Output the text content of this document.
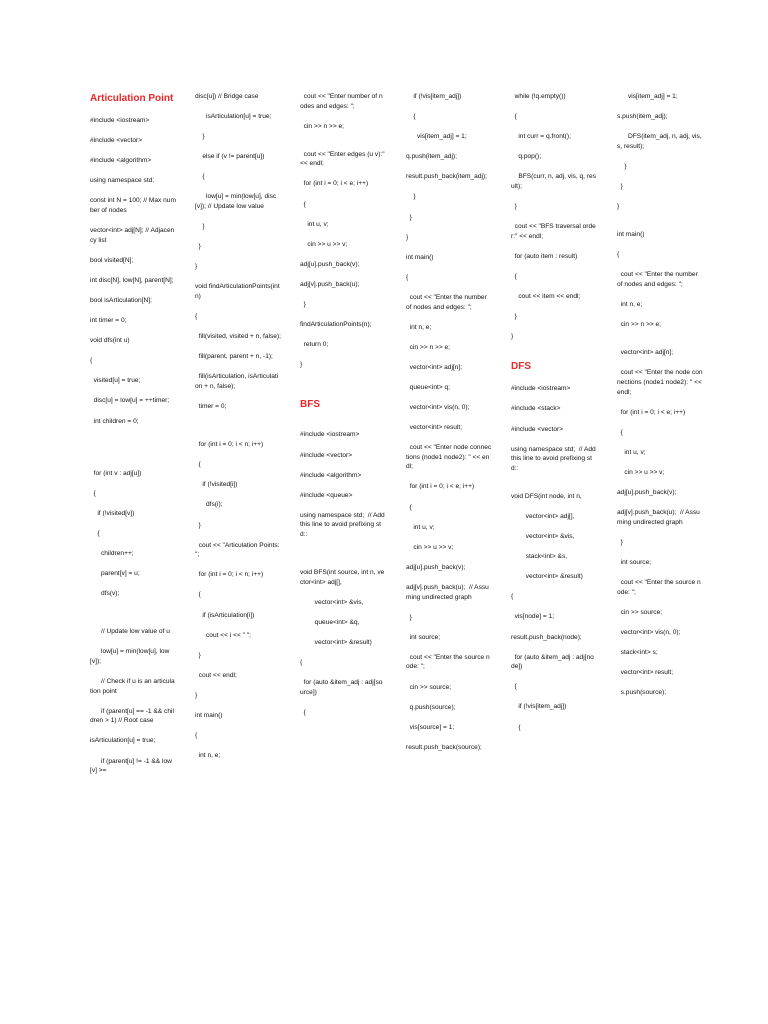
Articulation Point
#include <iostream>
#include <vector>
#include <algorithm>
using namespace std;
const int N = 100; // Max number of nodes
vector<int> adj[N]; // Adjacency list
bool visited[N];
int disc[N], low[N], parent[N];
bool isArticulation[N];
int timer = 0;
void dfs(int u)
{
visited[u] = true;
disc[u] = low[u] = ++timer;
int children = 0;
for (int v : adj[u])
{
if (!visited[v])
{
children++;
parent[v] = u;
dfs(v);
// Update low value of u
low[u] = min(low[u], low[v]);
// Check if u is an articulation point
if (parent[u] == -1 && children > 1) // Root case
isArticulation[u] = true;
if (parent[u] != -1 && low[v] >=
disc[u]) // Bridge case
isArticulation[u] = true;
}
else if (v != parent[u])
{
low[u] = min(low[u], disc[v]); // Update low value
}
}
}
void findArticulationPoints(int n)
{
fill(visited, visited + n, false);
fill(parent, parent + n, -1);
fill(isArticulation, isArticulation + n, false);
timer = 0;
for (int i = 0; i < n; i++)
{
if (!visited[i])
dfs(i);
}
cout << "Articulation Points: ";
for (int i = 0; i < n; i++)
{
if (isArticulation[i])
cout << i << " ";
}
cout << endl;
}
int main()
{
int n, e;
cout << "Enter number of nodes and edges: ";
cin >> n >> e;
cout << "Enter edges (u v):" << endl;
for (int i = 0; i < e; i++)
{
int u, v;
cin >> u >> v;
adj[u].push_back(v);
adj[v].push_back(u);
}
findArticulationPoints(n);
return 0;
}
BFS
#include <iostream>
#include <vector>
#include <algorithm>
#include <queue>
using namespace std;  // Add this line to avoid prefixing std::
void BFS(int source, int n, vector<int> adj[],
vector<int> &vis,
queue<int> &q,
vector<int> &result)
{
for (auto &item_adj : adj[source])
{
if (!vis[item_adj])
{
vis[item_adj] = 1;
q.push(item_adj);
result.push_back(item_adj);
}
}
}
int main()
{
cout << "Enter the number of nodes and edges: ";
int n, e;
cin >> n >> e;
vector<int> adj[n];
queue<int> q;
vector<int> vis(n, 0);
vector<int> result;
cout << "Enter node connections (node1 node2): " << endl;
for (int i = 0; i < e; i++)
{
int u, v;
cin >> u >> v;
adj[u].push_back(v);
adj[v].push_back(u);  // Assuming undirected graph
}
int source;
cout << "Enter the source node: ";
cin >> source;
q.push(source);
vis[source] = 1;
result.push_back(source);
while (!q.empty())
{
int curr = q.front();
q.pop();
BFS(curr, n, adj, vis, q, result);
}
cout << "BFS traversal order:" << endl;
for (auto item : result)
{
cout << item << endl;
}
}
DFS
#include <iostream>
#include <stack>
#include <vector>
using namespace std;  // Add this line to avoid prefixing std::
void DFS(int node, int n,
vector<int> adj[],
vector<int> &vis,
stack<int> &s,
vector<int> &result)
{
vis[node] = 1;
result.push_back(node);
for (auto &item_adj : adj[node])
{
if (!vis[item_adj])
{
vis[item_adj] = 1;
s.push(item_adj);
DFS(item_adj, n, adj, vis, s, result);
}
}
}
int main()
{
cout << "Enter the number of nodes and edges: ";
int n, e;
cin >> n >> e;
vector<int> adj[n];
cout << "Enter the node connections (node1 node2): " << endl;
for (int i = 0; i < e; i++)
{
int u, v;
cin >> u >> v;
adj[u].push_back(v);
adj[v].push_back(u);  // Assuming undirected graph
}
int source;
cout << "Enter the source node: ";
cin >> source;
vector<int> vis(n, 0);
stack<int> s;
vector<int> result;
s.push(source);
